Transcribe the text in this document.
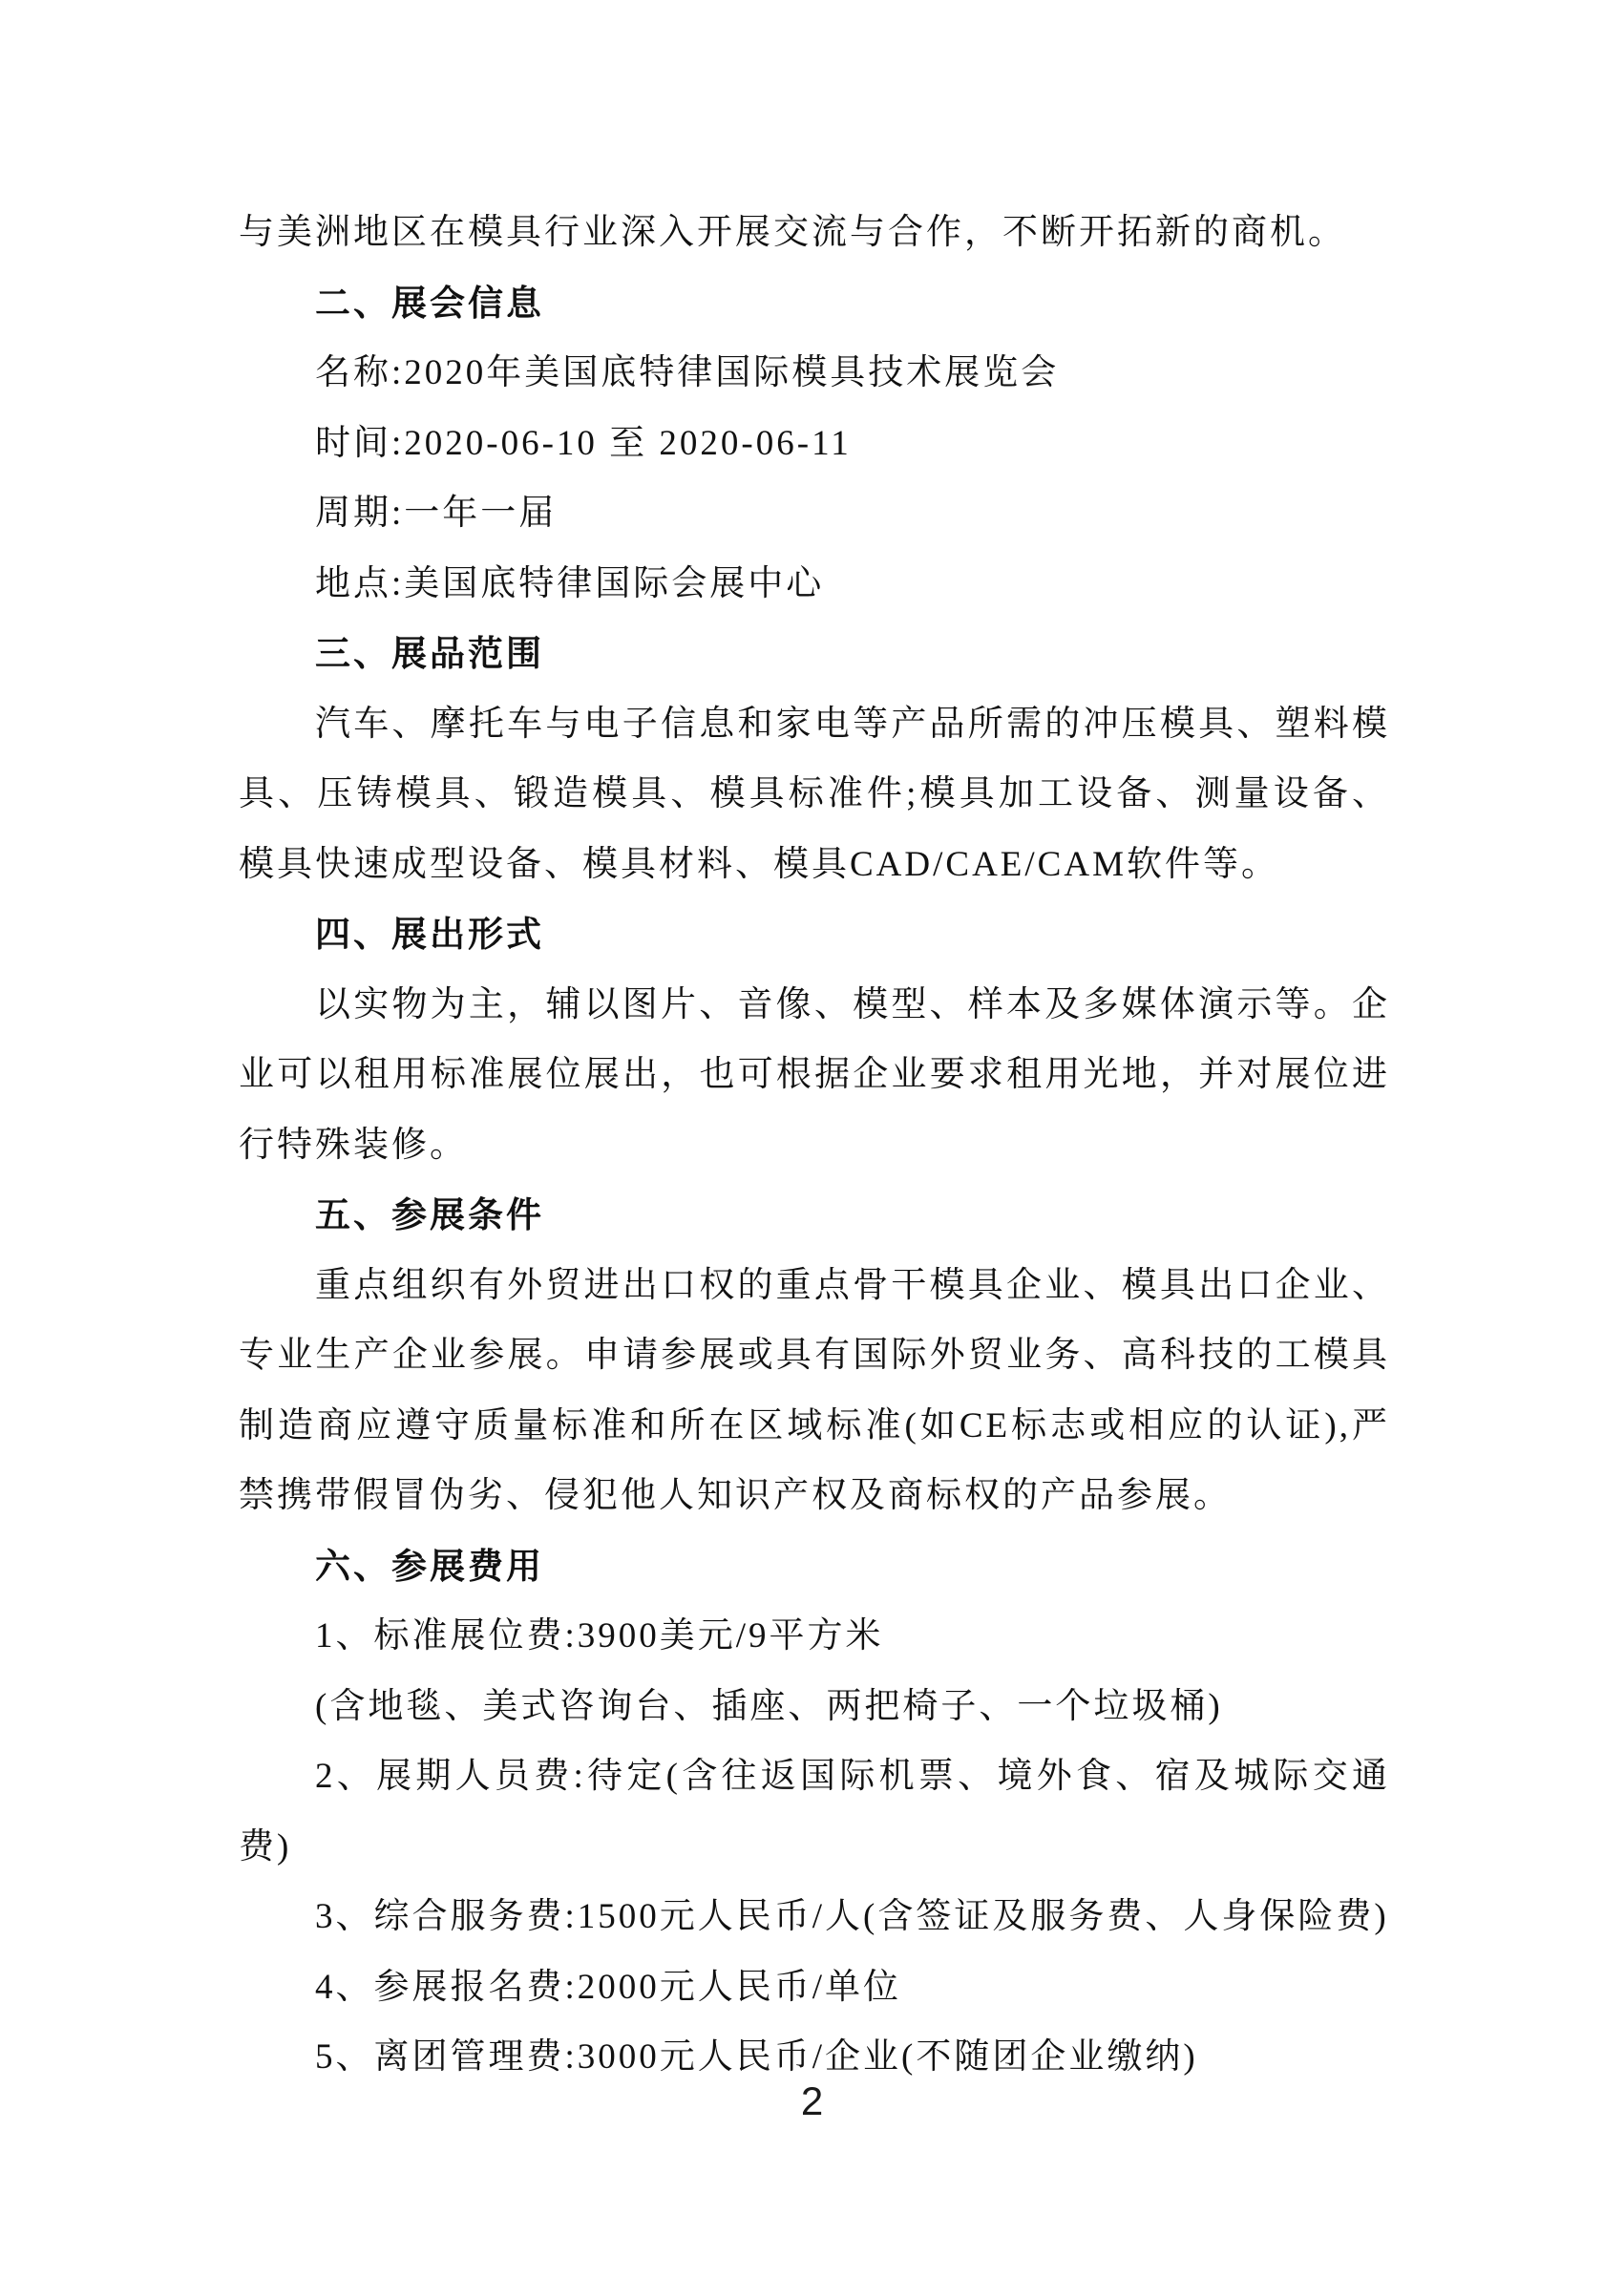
与美洲地区在模具行业深入开展交流与合作，不断开拓新的商机。

二、展会信息

名称:2020年美国底特律国际模具技术展览会

时间:2020-06-10 至 2020-06-11

周期:一年一届

地点:美国底特律国际会展中心

三、展品范围

汽车、摩托车与电子信息和家电等产品所需的冲压模具、塑料模具、压铸模具、锻造模具、模具标准件;模具加工设备、测量设备、模具快速成型设备、模具材料、模具CAD/CAE/CAM软件等。

四、展出形式

以实物为主，辅以图片、音像、模型、样本及多媒体演示等。企业可以租用标准展位展出，也可根据企业要求租用光地，并对展位进行特殊装修。

五、参展条件

重点组织有外贸进出口权的重点骨干模具企业、模具出口企业、专业生产企业参展。申请参展或具有国际外贸业务、高科技的工模具制造商应遵守质量标准和所在区域标准(如CE标志或相应的认证),严禁携带假冒伪劣、侵犯他人知识产权及商标权的产品参展。

六、参展费用

1、标准展位费:3900美元/9平方米

(含地毯、美式咨询台、插座、两把椅子、一个垃圾桶)

2、展期人员费:待定(含往返国际机票、境外食、宿及城际交通费)

3、综合服务费:1500元人民币/人(含签证及服务费、人身保险费)

4、参展报名费:2000元人民币/单位

5、离团管理费:3000元人民币/企业(不随团企业缴纳)

2
